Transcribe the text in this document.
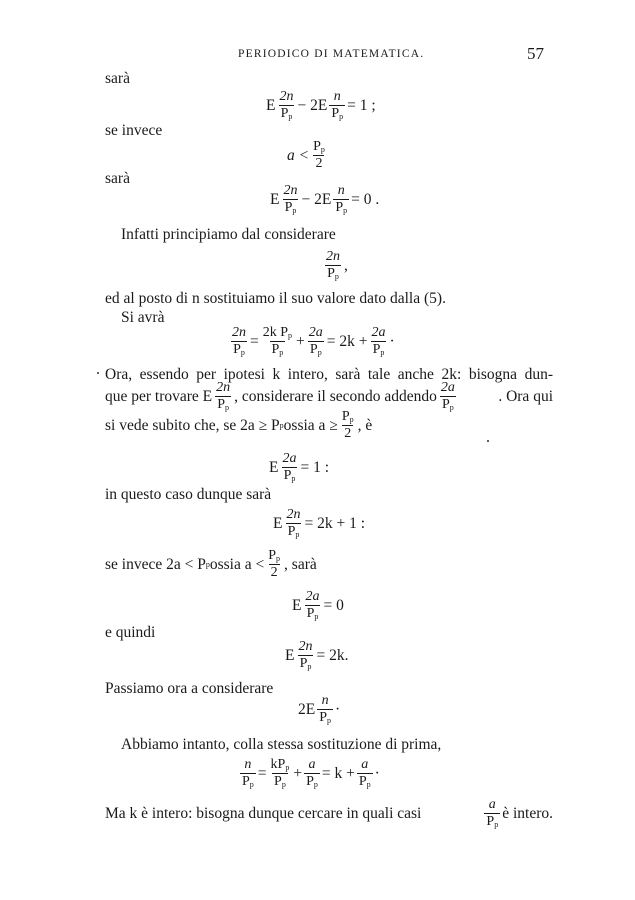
PERIODICO DI MATEMATICA.	57
sarà
E $\frac{2n}{P_p} - 2E \frac{n}{P_p} = 1$ ;
se invece
$a < \frac{P_p}{2}$
sarà
E $\frac{2n}{P_p} - 2E \frac{n}{P_p} = 0$ .
Infatti principiamo dal considerare
$\frac{2n}{P_p}$ ,
ed al posto di n sostituiamo il suo valore dato dalla (5).
Si avrà
$\frac{2n}{P_p} = \frac{2k P_p}{P_p} + \frac{2a}{P_p} = 2k + \frac{2a}{P_p}$ ·
Ora, essendo per ipotesi k intero, sarà tale anche 2k: bisogna dun-
que per trovare E $\frac{2n}{P_p}$ , considerare il secondo addendo $\frac{2a}{P_p}$	. Ora qui
si vede subito che, se 2a ≥ P p ossia $a \ge \frac{P_p}{2}$ , è
E $\frac{2a}{P_p} = 1$ :
in questo caso dunque sarà
E $\frac{2n}{P_p} = 2k + 1$ :
se invece 2a < P p ossia $a < \frac{P_p}{2}$ , sarà
E $\frac{2a}{P_p} = 0$
e quindi
E $\frac{2n}{P_p} = 2k$.
Passiamo ora a considerare
$2E \frac{n}{P_p}$ ·
Abbiamo intanto, colla stessa sostituzione di prima,
$\frac{n}{P_p} = \frac{kP_p}{P_p} + \frac{a}{P_p} = k + \frac{a}{P_p}$ ·
Ma k è intero: bisogna dunque cercare in quali casi	$\frac{a}{P_p}$ è intero.
